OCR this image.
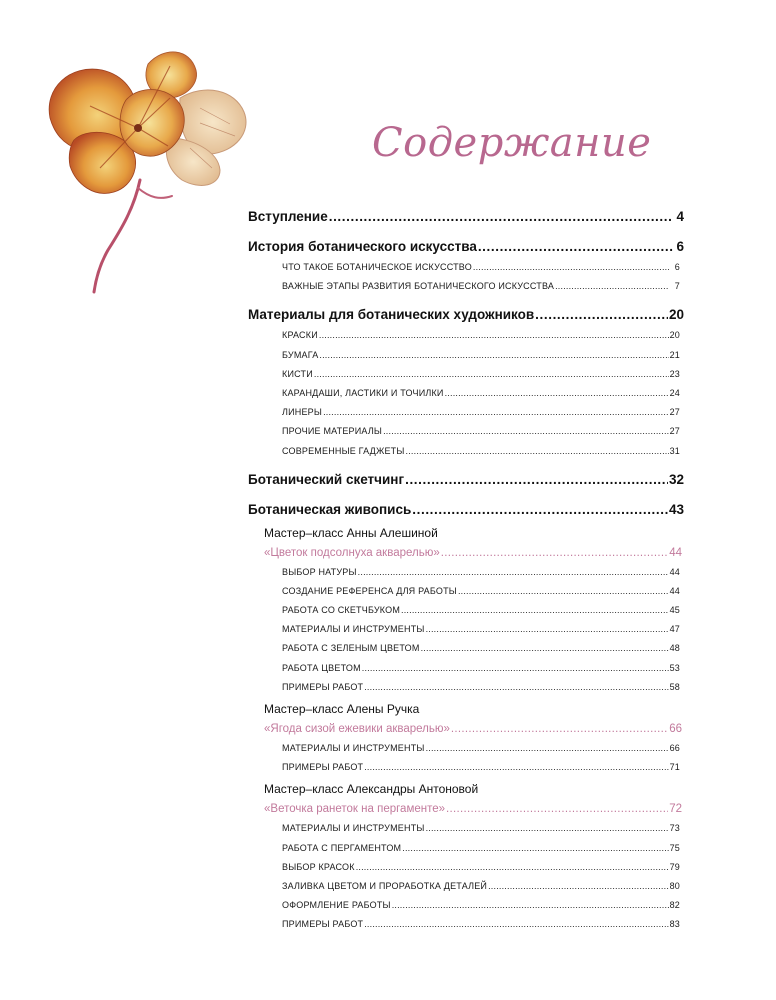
Содержание
Вступление .....	4
История ботанического искусства .....	6
ЧТО ТАКОЕ БОТАНИЧЕСКОЕ ИСКУССТВО .....	6
ВАЖНЫЕ ЭТАПЫ РАЗВИТИЯ БОТАНИЧЕСКОГО ИСКУССТВА .....	7
Материалы для ботанических художников .....	20
КРАСКИ .....	20
БУМАГА .....	21
КИСТИ .....	23
КАРАНДАШИ, ЛАСТИКИ И ТОЧИЛКИ .....	24
ЛИНЕРЫ .....	27
ПРОЧИЕ МАТЕРИАЛЫ .....	27
СОВРЕМЕННЫЕ ГАДЖЕТЫ .....	31
Ботанический скетчинг .....	32
Ботаническая живопись .....	43
Мастер–класс Анны Алешиной
«Цветок подсолнуха акварелью» .....	44
ВЫБОР НАТУРЫ .....	44
СОЗДАНИЕ РЕФЕРЕНСА ДЛЯ РАБОТЫ .....	44
РАБОТА СО СКЕТЧБУКОМ .....	45
МАТЕРИАЛЫ И ИНСТРУМЕНТЫ .....	47
РАБОТА С ЗЕЛЕНЫМ ЦВЕТОМ .....	48
РАБОТА ЦВЕТОМ .....	53
ПРИМЕРЫ РАБОТ .....	58
Мастер–класс Алены Ручка
«Ягода сизой ежевики акварелью» .....	66
МАТЕРИАЛЫ И ИНСТРУМЕНТЫ .....	66
ПРИМЕРЫ РАБОТ .....	71
Мастер–класс Александры Антоновой
«Веточка ранеток на пергаменте» .....	72
МАТЕРИАЛЫ И ИНСТРУМЕНТЫ .....	73
РАБОТА С ПЕРГАМЕНТОМ .....	75
ВЫБОР КРАСОК .....	79
ЗАЛИВКА ЦВЕТОМ И ПРОРАБОТКА ДЕТАЛЕЙ .....	80
ОФОРМЛЕНИЕ РАБОТЫ .....	82
ПРИМЕРЫ РАБОТ .....	83
